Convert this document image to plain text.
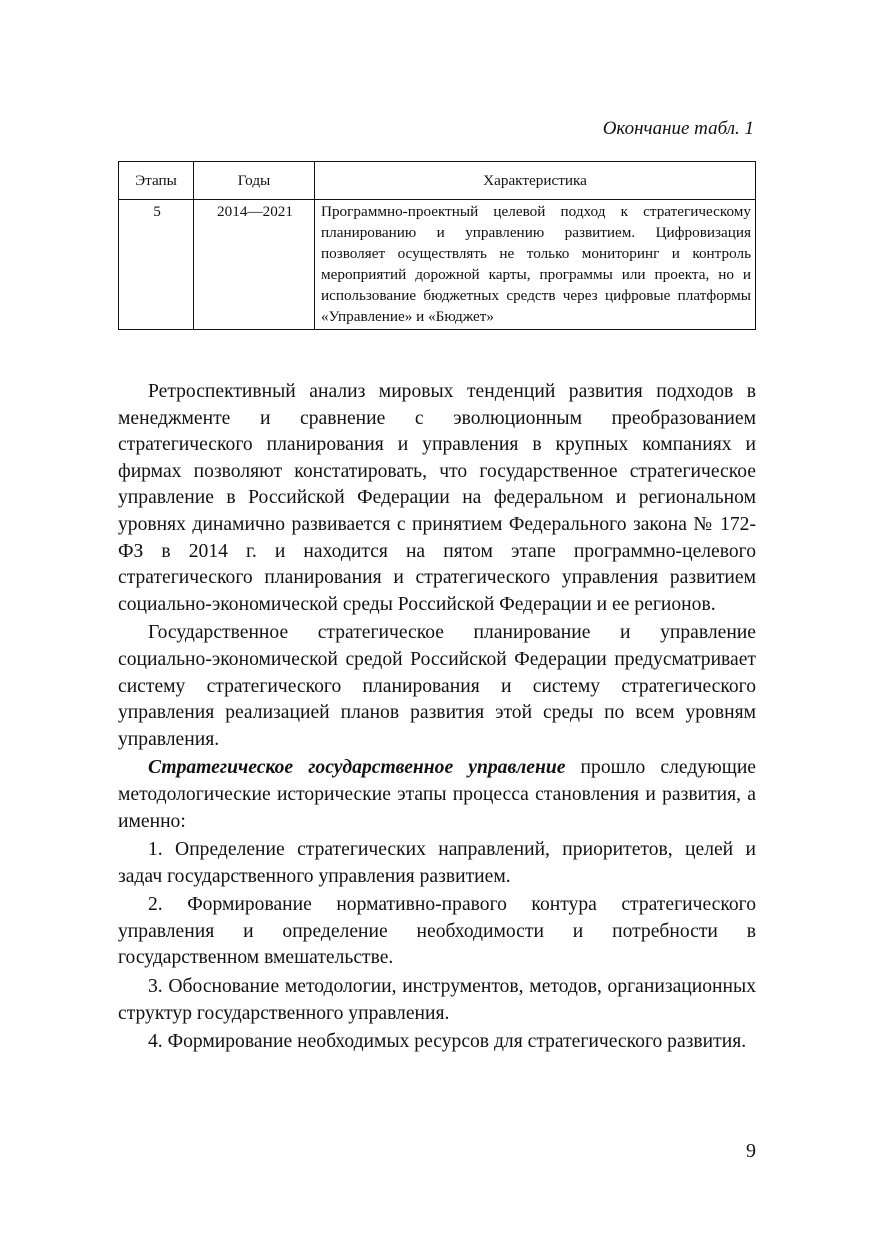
Окончание табл. 1
Этапы	Годы	Характеристика
5	2014—2021	Программно-проектный целевой подход к стратегическому планированию и управлению развитием. Цифровизация позволяет осуществлять не только мониторинг и контроль мероприятий дорожной карты, программы или проекта, но и использование бюджетных средств через цифровые платформы «Управление» и «Бюджет»

Ретроспективный анализ мировых тенденций развития подходов в менеджменте и сравнение с эволюционным преобразованием стратегического планирования и управления в крупных компаниях и фирмах позволяют констатировать, что государственное стратегическое управление в Российской Федерации на федеральном и региональном уровнях динамично развивается с принятием Федерального закона № 172-ФЗ в 2014 г. и находится на пятом этапе программно-целевого стратегического планирования и стратегического управления развитием социально-экономической среды Российской Федерации и ее регионов.

Государственное стратегическое планирование и управление социально-экономической средой Российской Федерации предусматривает систему стратегического планирования и систему стратегического управления реализацией планов развития этой среды по всем уровням управления.

Стратегическое государственное управление прошло следующие методологические исторические этапы процесса становления и развития, а именно:

1. Определение стратегических направлений, приоритетов, целей и задач государственного управления развитием.

2. Формирование нормативно-правого контура стратегического управления и определение необходимости и потребности в государственном вмешательстве.

3. Обоснование методологии, инструментов, методов, организационных структур государственного управления.

4. Формирование необходимых ресурсов для стратегического развития.

9
